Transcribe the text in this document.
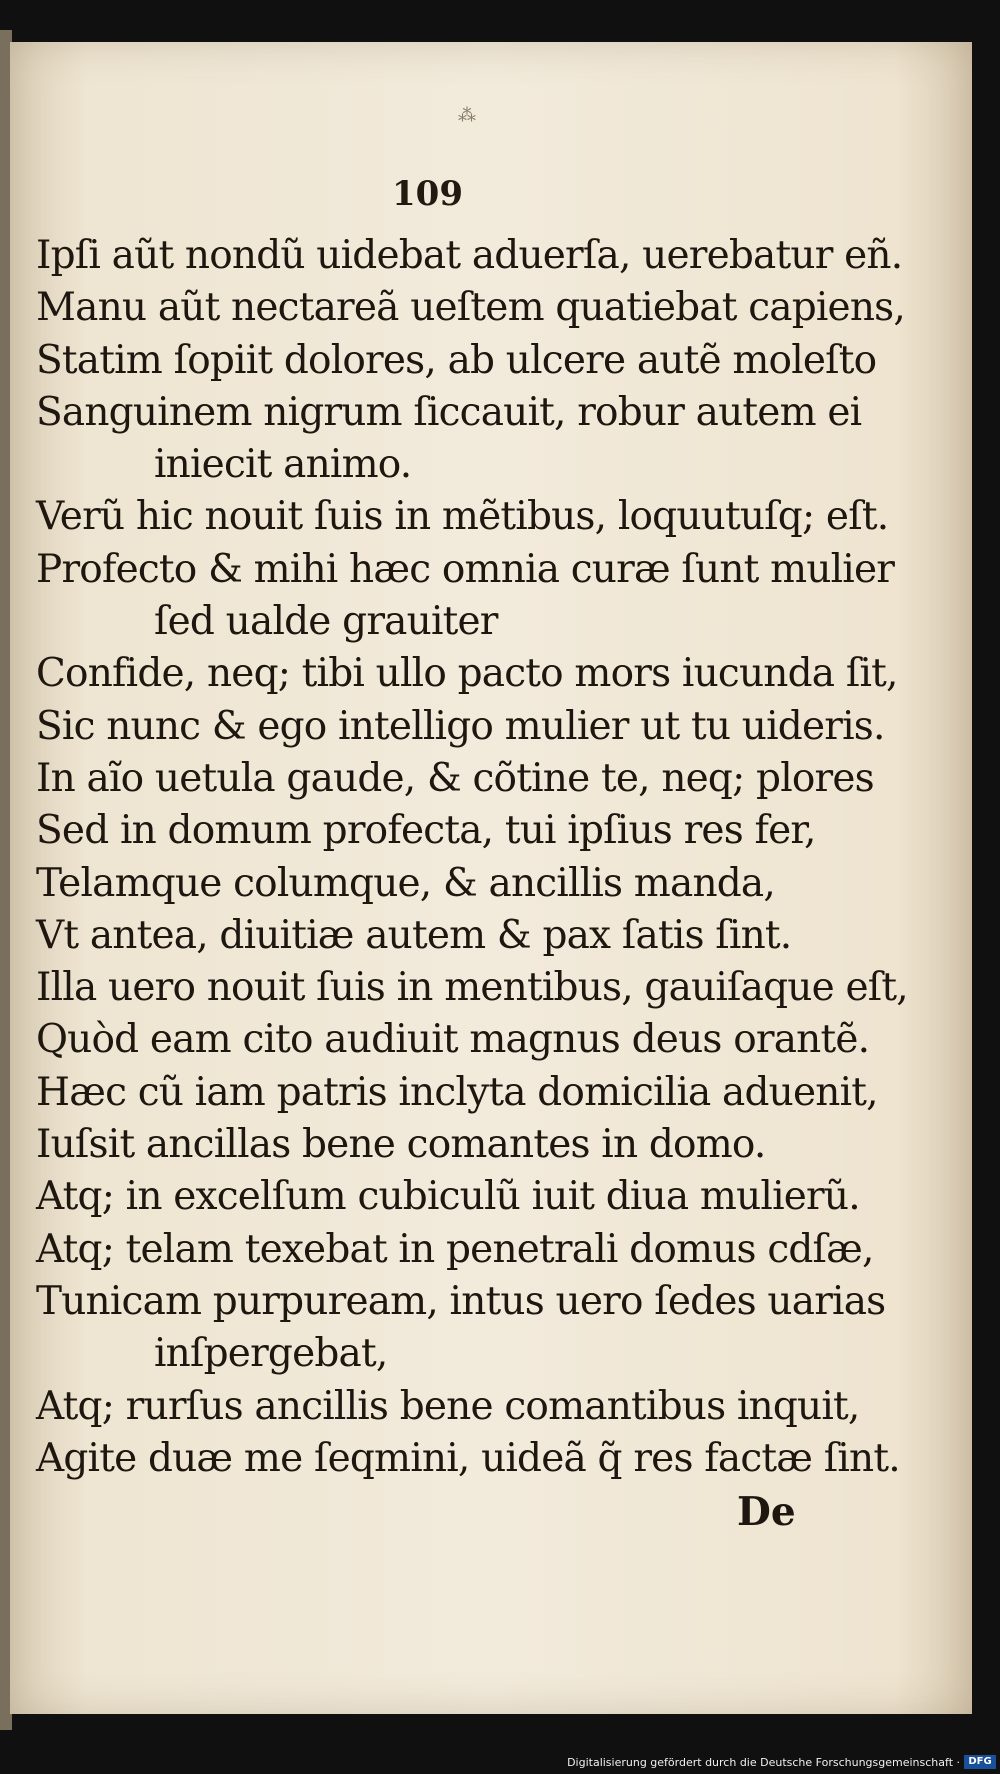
⁂
109
Ipſi aũt nondũ uidebat aduerſa, uerebatur eñ.
Manu aũt nectareã ueſtem quatiebat capiens,
Statim ſopiit dolores, ab ulcere autẽ moleſto
Sanguinem nigrum ſiccauit, robur autem ei
iniecit animo.
Verũ hic nouit ſuis in mẽtibus, loquutuſq; eſt.
Profecto & mihi hæc omnia curæ ſunt mulier
ſed ualde grauiter
Confide, neq; tibi ullo pacto mors iucunda ſit,
Sic nunc & ego intelligo mulier ut tu uideris.
In aĩo uetula gaude, & cõtine te, neq; plores
Sed in domum profecta, tui ipſius res fer,
Telamque columque, & ancillis manda,
Vt antea, diuitiæ autem & pax ſatis ſint.
Illa uero nouit ſuis in mentibus, gauiſaque eſt,
Quòd eam cito audiuit magnus deus orantẽ.
Hæc cũ iam patris inclyta domicilia aduenit,
Iuſsit ancillas bene comantes in domo.
Atq; in excelſum cubiculũ iuit diua mulierũ.
Atq; telam texebat in penetrali domus cdſæ,
Tunicam purpuream, intus uero ſedes uarias
inſpergebat,
Atq; rurſus ancillis bene comantibus inquit,
Agite duæ me ſeqmini, uideã q̃ res factæ ſint.
De
Digitalisierung gefördert durch die Deutsche Forschungsgemeinschaft · DFG
